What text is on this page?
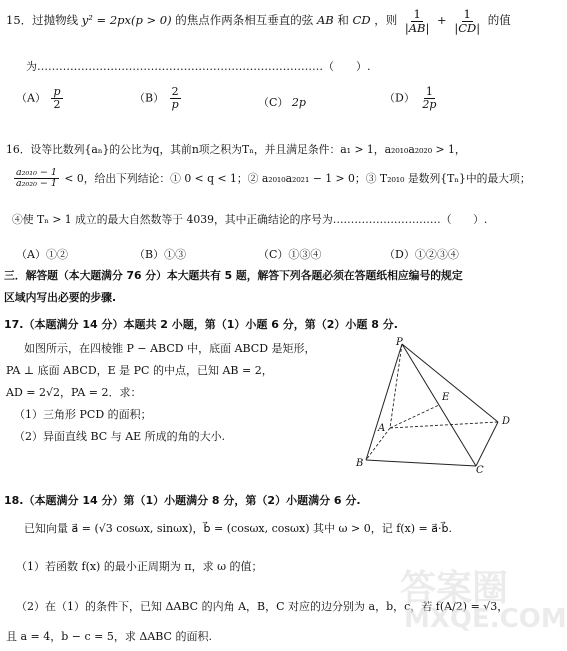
15．过抛物线 y² = 2px(p > 0) 的焦点作两条相互垂直的弦 AB 和 CD ，则 $\frac{1}{|AB|} + \frac{1}{|CD|}$ 的值
为……………………………………………………………………（　　）.
$(A) \frac{p}{2}$	$(B) \frac{2}{p}$	（C） 2p	$(D) \frac{1}{2p}$
16．设等比数列{aₙ}的公比为q，其前n项之积为Tₙ，并且满足条件：a₁ > 1，a₂₀₁₀a₂₀₂₀ > 1，
$\frac{\text{a₂₀₁₀ − 1}}{\text{a₂₀₂₀ − 1}} < 0$，给出下列结论：① 0 < q < 1；② a₂₀₁₀a₂₀₂₁ − 1 > 0；③ T₂₀₁₀ 是数列{Tₙ}中的最大项；
④使 Tₙ > 1 成立的最大自然数等于 4039，其中正确结论的序号为…………………………（　　）.
（A）①②	（B）①③	（C）①③④	（D）①②③④
三．解答题（本大题满分 76 分）本大题共有 5 题，解答下列各题必须在答题纸相应编号的规定
区域内写出必要的步骤.
17.（本题满分 14 分）本题共 2 小题，第（1）小题 6 分，第（2）小题 8 分.
如图所示，在四棱锥 P − ABCD 中，底面 ABCD 是矩形，
PA ⊥ 底面 ABCD，E 是 PC 的中点，已知 AB = 2，
AD = 2√2，PA = 2．求：
（1）三角形 PCD 的面积；
（2）异面直线 BC 与 AE 所成的角的大小.
P
A
B
C
D
E
18.（本题满分 14 分）第（1）小题满分 8 分，第（2）小题满分 6 分.
已知向量 a⃗ = (√3 cosωx, sinωx)，b⃗ = (cosωx, cosωx) 其中 ω > 0，记 f(x) = a⃗·b⃗.
（1）若函数 f(x) 的最小正周期为 π，求 ω 的值；
（2）在（1）的条件下，已知 ΔABC 的内角 A，B，C 对应的边分别为 a，b，c，若 f(A/2) = √3，
且 a = 4，b − c = 5，求 ΔABC 的面积.
答案圈
MXQE.COM
